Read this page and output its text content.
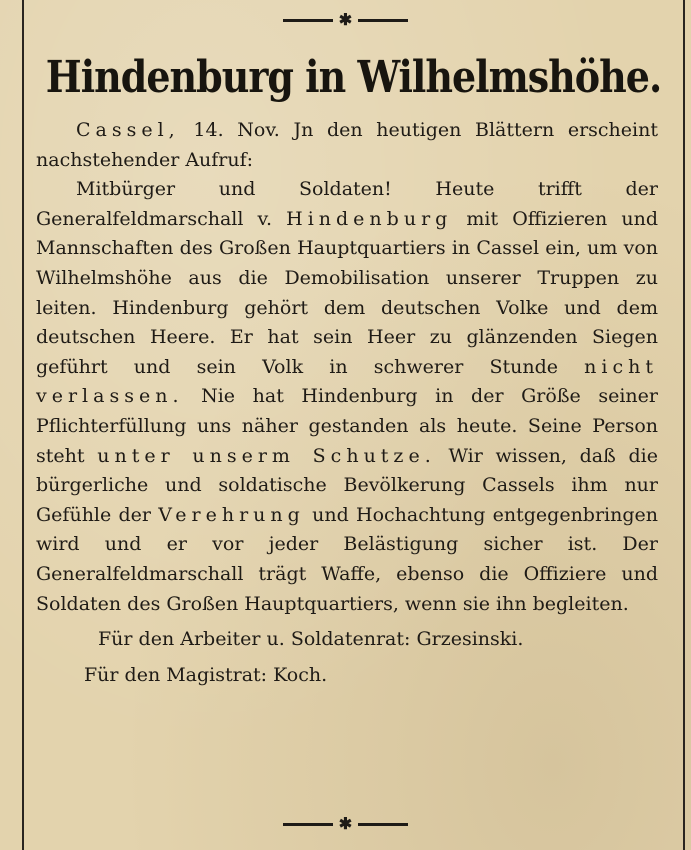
✱
Hindenburg in Wilhelmshöhe.

Cassel, 14. Nov. Jn den heutigen Blättern erscheint nachstehender Aufruf:

Mitbürger und Soldaten! Heute trifft der Generalfeldmarschall v. Hindenburg mit Offizieren und Mannschaften des Großen Hauptquartiers in Cassel ein, um von Wilhelmshöhe aus die Demobilisation unserer Truppen zu leiten. Hindenburg gehört dem deutschen Volke und dem deutschen Heere. Er hat sein Heer zu glänzenden Siegen geführt und sein Volk in schwerer Stunde nicht verlassen. Nie hat Hindenburg in der Größe seiner Pflichterfüllung uns näher gestanden als heute. Seine Person steht unter unserm Schutze. Wir wissen, daß die bürgerliche und soldatische Bevölkerung Cassels ihm nur Gefühle der Verehrung und Hochachtung entgegenbringen wird und er vor jeder Belästigung sicher ist. Der Generalfeldmarschall trägt Waffe, ebenso die Offiziere und Soldaten des Großen Hauptquartiers, wenn sie ihn begleiten.

Für den Arbeiter u. Soldatenrat: Grzesinski.

Für den Magistrat: Koch.

✱
